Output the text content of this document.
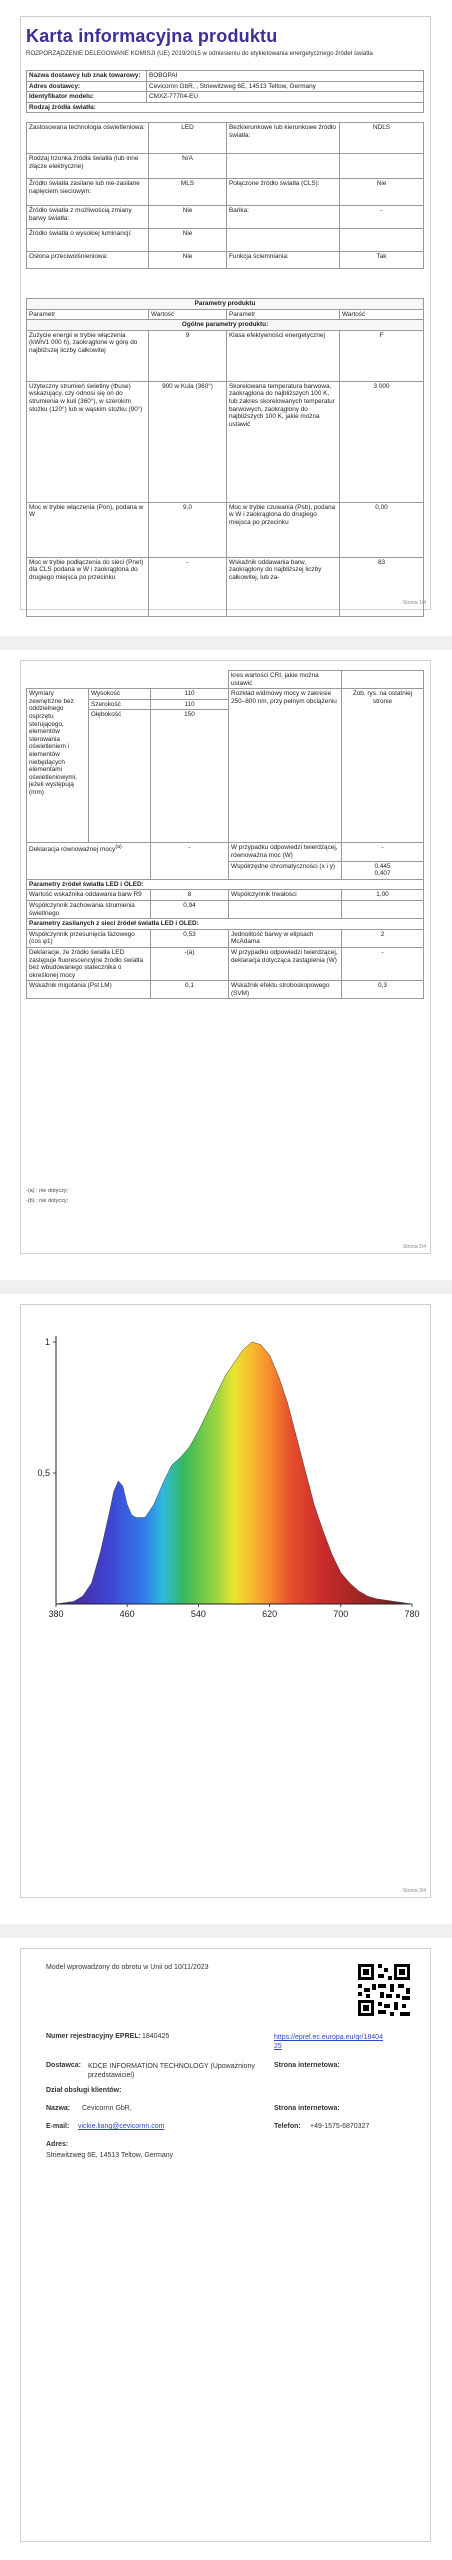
Karta informacyjna produktu
ROZPORZĄDZENIE DELEGOWANE KOMISJI (UE) 2019/2015 w odniesieniu do etykietowania energetycznego źródeł światła
Nazwa dostawcy lub znak towarowy:	BOBOPAI
Adres dostawcy:	Cevicornn GbR, , Striewitzweg 6E, 14513 Teltow, Germany
Identyfikator modelu:	CMXZ-77704-EU
Rodzaj źródła światła:	
Zastosowana technologia oświetleniowa:	LED	Bezkierunkowe lub kierunkowe źródło światła:	NDLS
Rodzaj trzonka źródła światła (lub inne złącze elektryczne)	N/A		
Źródło światła zasilane lub nie-zasilane napięciem sieciowym:	MLS	Połączone źródło światła (CLS):	Nie
Źródło światła z możliwością zmiany barwy światła:	Nie	Bańka:	-
Źródło światła o wysokiej luminancji:	Nie		
Osłona przeciwolśnieniowa:	Nie	Funkcja ściemniania:	Tak
Parametry produktu			
Parametr	Wartość	Parametr	Wartość
Ogólne parametry produktu:			
Zużycie energii w trybie włączenia (kWh/1 000 h), zaokrąglone w górę do najbliższej liczby całkowitej	9	Klasa efektywności energetycznej	F
Użyteczny strumień świetlny (Φuse) wskazujący, czy odnosi się on do strumienia w kuli (360°), w szerokim stożku (120°) lub w wąskim stożku (90°)	900 w Kula (360°)	Skorelowana temperatura barwowa, zaokrąglona do najbliższych 100 K, lub zakres skorelowanych temperatur barwowych, zaokrąglony do najbliższych 100 K, jakie można ustawić	3 000
Moc w trybie włączenia (Pon), podana w W	9,0	Moc w trybie czuwania (Psb), podana w W i zaokrąglona do drugiego miejsca po przecinku	0,00
Moc w trybie podłączenia do sieci (Pnet) dla CLS podana w W i zaokrąglona do drugiego miejsca po przecinku	-	Wskaźnik oddawania barw, zaokrąglony do najbliższej liczby całkowitej, lub za-	83
Strona 1/4
			kres wartości CRI, jakie można ustawić	
Wymiary zewnętrzne bez oddzielnego osprzętu sterującego, elementów sterowania oświetleniem i elementów niebędących elementami oświetleniowymi, jeżeli występują (mm)	Wysokość	110	Rozkład widmowy mocy w zakresie 250–800 nm, przy pełnym obciążeniu	Zob. rys. na ostatniej stronie
	Szerokość	110		
	Głębokość	150		
Deklaracja równoważnej mocy$^{(a)}$		-	W przypadku odpowiedzi twierdzącej, równoważna moc (W)	-
			Współrzędne chromatyczności (x i y)	0,445
0,407

Parametry źródeł światła LED i OLED:				
Wartość wskaźnika oddawania barw R9		8	Współczynnik trwałości	1,00
Współczynnik zachowania strumienia świetlnego		0,94		
Parametry zasilanych z sieci źródeł światła LED i OLED:				
Współczynnik przesunięcia fazowego (cos φ1)		0,53	Jednolitość barwy w elipsach McAdama	2
Deklaracje, że źródło światła LED zastępuje fluorescencyjne źródło światła bez wbudowanego statecznika o określonej mocy		-(a)	W przypadku odpowiedzi twierdzącej, deklaracja dotycząca zastąpienia (W)	-
Wskaźnik migotania (Pst LM)		0,1	Wskaźnik efektu stroboskopowego (SVM)	0,3
-(a) : nie dotyczy;
-(b) : nie dotyczy;
Strona 2/4
380	460	540	620	700	780
1
0,5
Strona 3/4
Model wprowadzony do obrotu w Unii od 10/11/2023
Numer rejestracyjny EPREL: 1840425	https://eprel.ec.europa.eu/qr/1840425
Dostawca: KDCE INFORMATION TECHNOLOGY (Upoważniony przedstawiciel)
Strona internetowa:
Dział obsługi klientów:
Nazwa: Cevicornn GbR,	Strona internetowa:
E-mail: vickie.liang@cevicornn.com	Telefon: +49-1575-6870327
Adres:
Striewitzweg 6E, 14513 Teltow, Germany
